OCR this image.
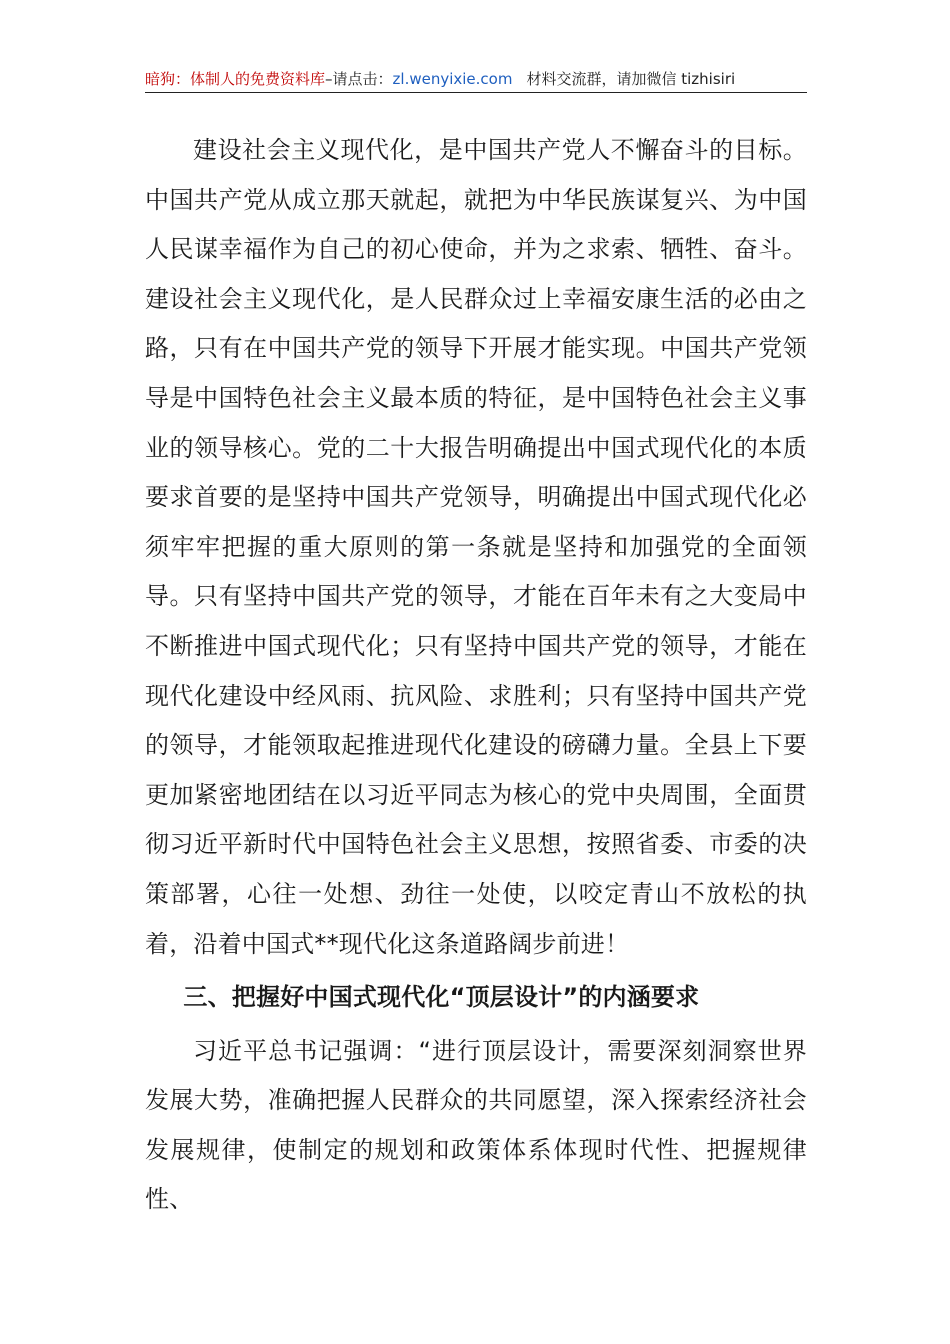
暗狗：体制人的免费资料库–请点击：zl.wenyixie.com 材料交流群，请加微信 tizhisiri

建设社会主义现代化，是中国共产党人不懈奋斗的目标。中国共产党从成立那天就起，就把为中华民族谋复兴、为中国人民谋幸福作为自己的初心使命，并为之求索、牺牲、奋斗。建设社会主义现代化，是人民群众过上幸福安康生活的必由之路，只有在中国共产党的领导下开展才能实现。中国共产党领导是中国特色社会主义最本质的特征，是中国特色社会主义事业的领导核心。党的二十大报告明确提出中国式现代化的本质要求首要的是坚持中国共产党领导，明确提出中国式现代化必须牢牢把握的重大原则的第一条就是坚持和加强党的全面领导。只有坚持中国共产党的领导，才能在百年未有之大变局中不断推进中国式现代化；只有坚持中国共产党的领导，才能在现代化建设中经风雨、抗风险、求胜利；只有坚持中国共产党的领导，才能领取起推进现代化建设的磅礴力量。全县上下要更加紧密地团结在以习近平同志为核心的党中央周围，全面贯彻习近平新时代中国特色社会主义思想，按照省委、市委的决策部署，心往一处想、劲往一处使，以咬定青山不放松的执着，沿着中国式**现代化这条道路阔步前进！

三、把握好中国式现代化“顶层设计”的内涵要求

习近平总书记强调：“进行顶层设计，需要深刻洞察世界发展大势，准确把握人民群众的共同愿望，深入探索经济社会发展规律，使制定的规划和政策体系体现时代性、把握规律性、
